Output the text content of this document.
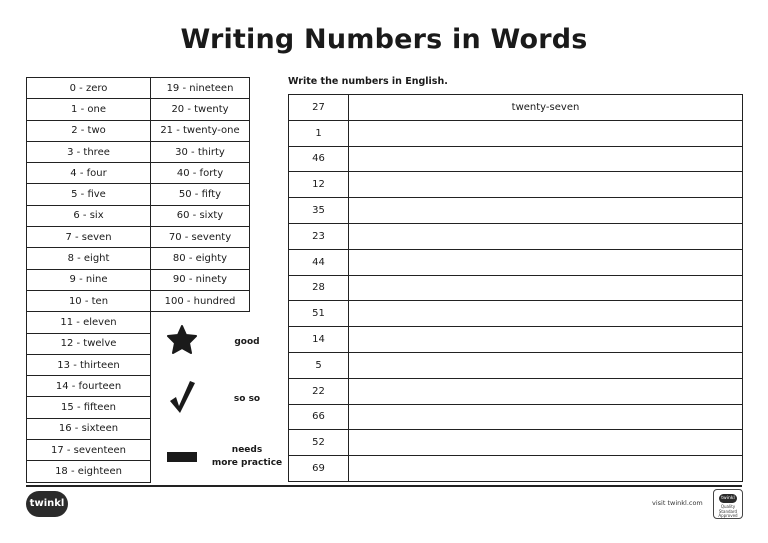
Writing Numbers in Words
0 - zero	19 - nineteen
1 - one	20 - twenty
2 - two	21 - twenty-one
3 - three	30 - thirty
4 - four	40 - forty
5 - five	50 - fifty
6 - six	60 - sixty
7 - seven	70 - seventy
8 - eight	80 - eighty
9 - nine	90 - ninety
10 - ten	100 - hundred
11 - eleven	
12 - twelve	
13 - thirteen	
14 - fourteen	
15 - fifteen	
16 - sixteen	
17 - seventeen	
18 - eighteen	
good
so so
needs
more practice
Write the numbers in English.
27	twenty-seven
1	
46	
12	
35	
23	
44	
28	
51	
14	
5	
22	
66	
52	
69	
twinkl	visit twinkl.com
twinkl
Quality Standard Approved
